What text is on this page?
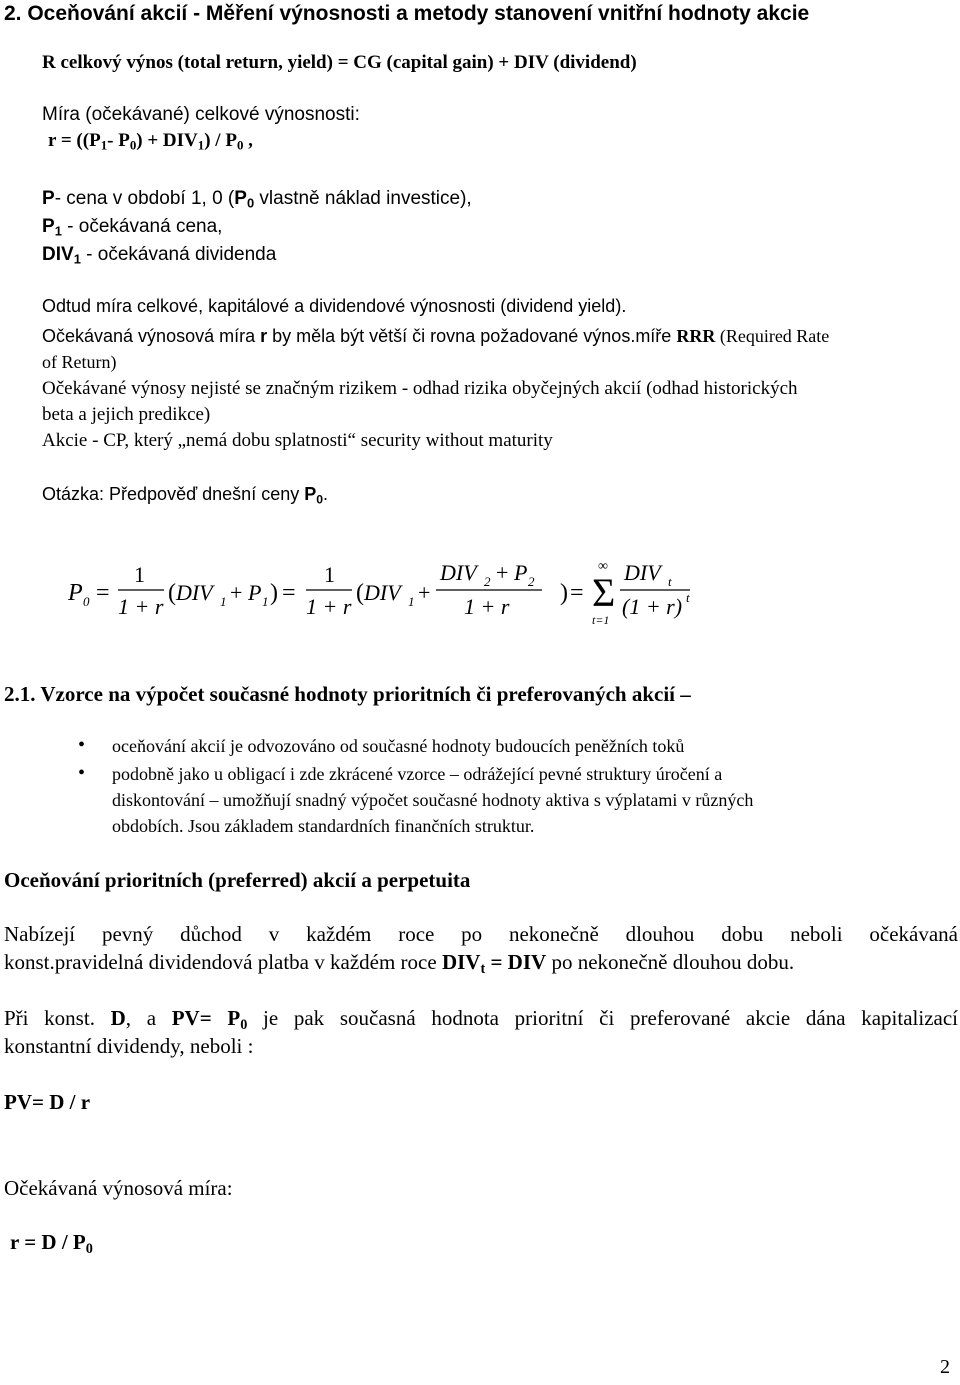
2. Oceňování akcií - Měření výnosnosti a metody stanovení vnitřní hodnoty akcie
R celkový výnos (total return, yield) = CG (capital gain) + DIV (dividend)
Míra (očekávané) celkové výnosnosti:
$r = ((P_1-$ $P_0) + DIV_1) / P_0$ ,
P- cena v období 1, 0 ($P_0$ vlastně náklad investice),
$P_1$ - očekávaná cena,
$DIV_1$ - očekávaná dividenda
Odtud míra celkové, kapitálové a dividendové výnosnosti (dividend yield).
Očekávaná výnosová míra r by měla být větší či rovna požadované výnos.míře RRR (Required Rate
of Return)
Očekávané výnosy nejisté se značným rizikem - odhad rizika obyčejných akcií (odhad historických
beta a jejich predikce)
Akcie - CP, který „nemá dobu splatnosti“ security without maturity
Otázka: Předpověď dnešní ceny $P_0$.
P 0 =
1
1 + r
( DIV 1 + P 1 ) =
1
1 + r
( DIV 1 +
DIV 2 + P 2
1 + r
) =
∞
Σ
t=1
DIV t
(1 + r) t
2.1. Vzorce na výpočet současné hodnoty prioritních či preferovaných akcií –
• oceňování akcií je odvozováno od současné hodnoty budoucích peněžních toků
• podobně jako u obligací i zde zkrácené vzorce – odrážející pevné struktury úročení a
diskontování – umožňují snadný výpočet současné hodnoty aktiva s výplatami v různých
obdobích. Jsou základem standardních finančních struktur.
Oceňování prioritních (preferred) akcií a perpetuita
Nabízejí pevný důchod v každém roce po nekonečně dlouhou dobu neboli očekávaná
konst.pravidelná dividendová platba v každém roce $DIV_t$ = DIV po nekonečně dlouhou dobu.
Při konst. D, a $PV= P_0$ je pak současná hodnota prioritní či preferované akcie dána kapitalizací
konstantní dividendy, neboli :
PV= D / r
Očekávaná výnosová míra:
$r = D / P_0$
2
